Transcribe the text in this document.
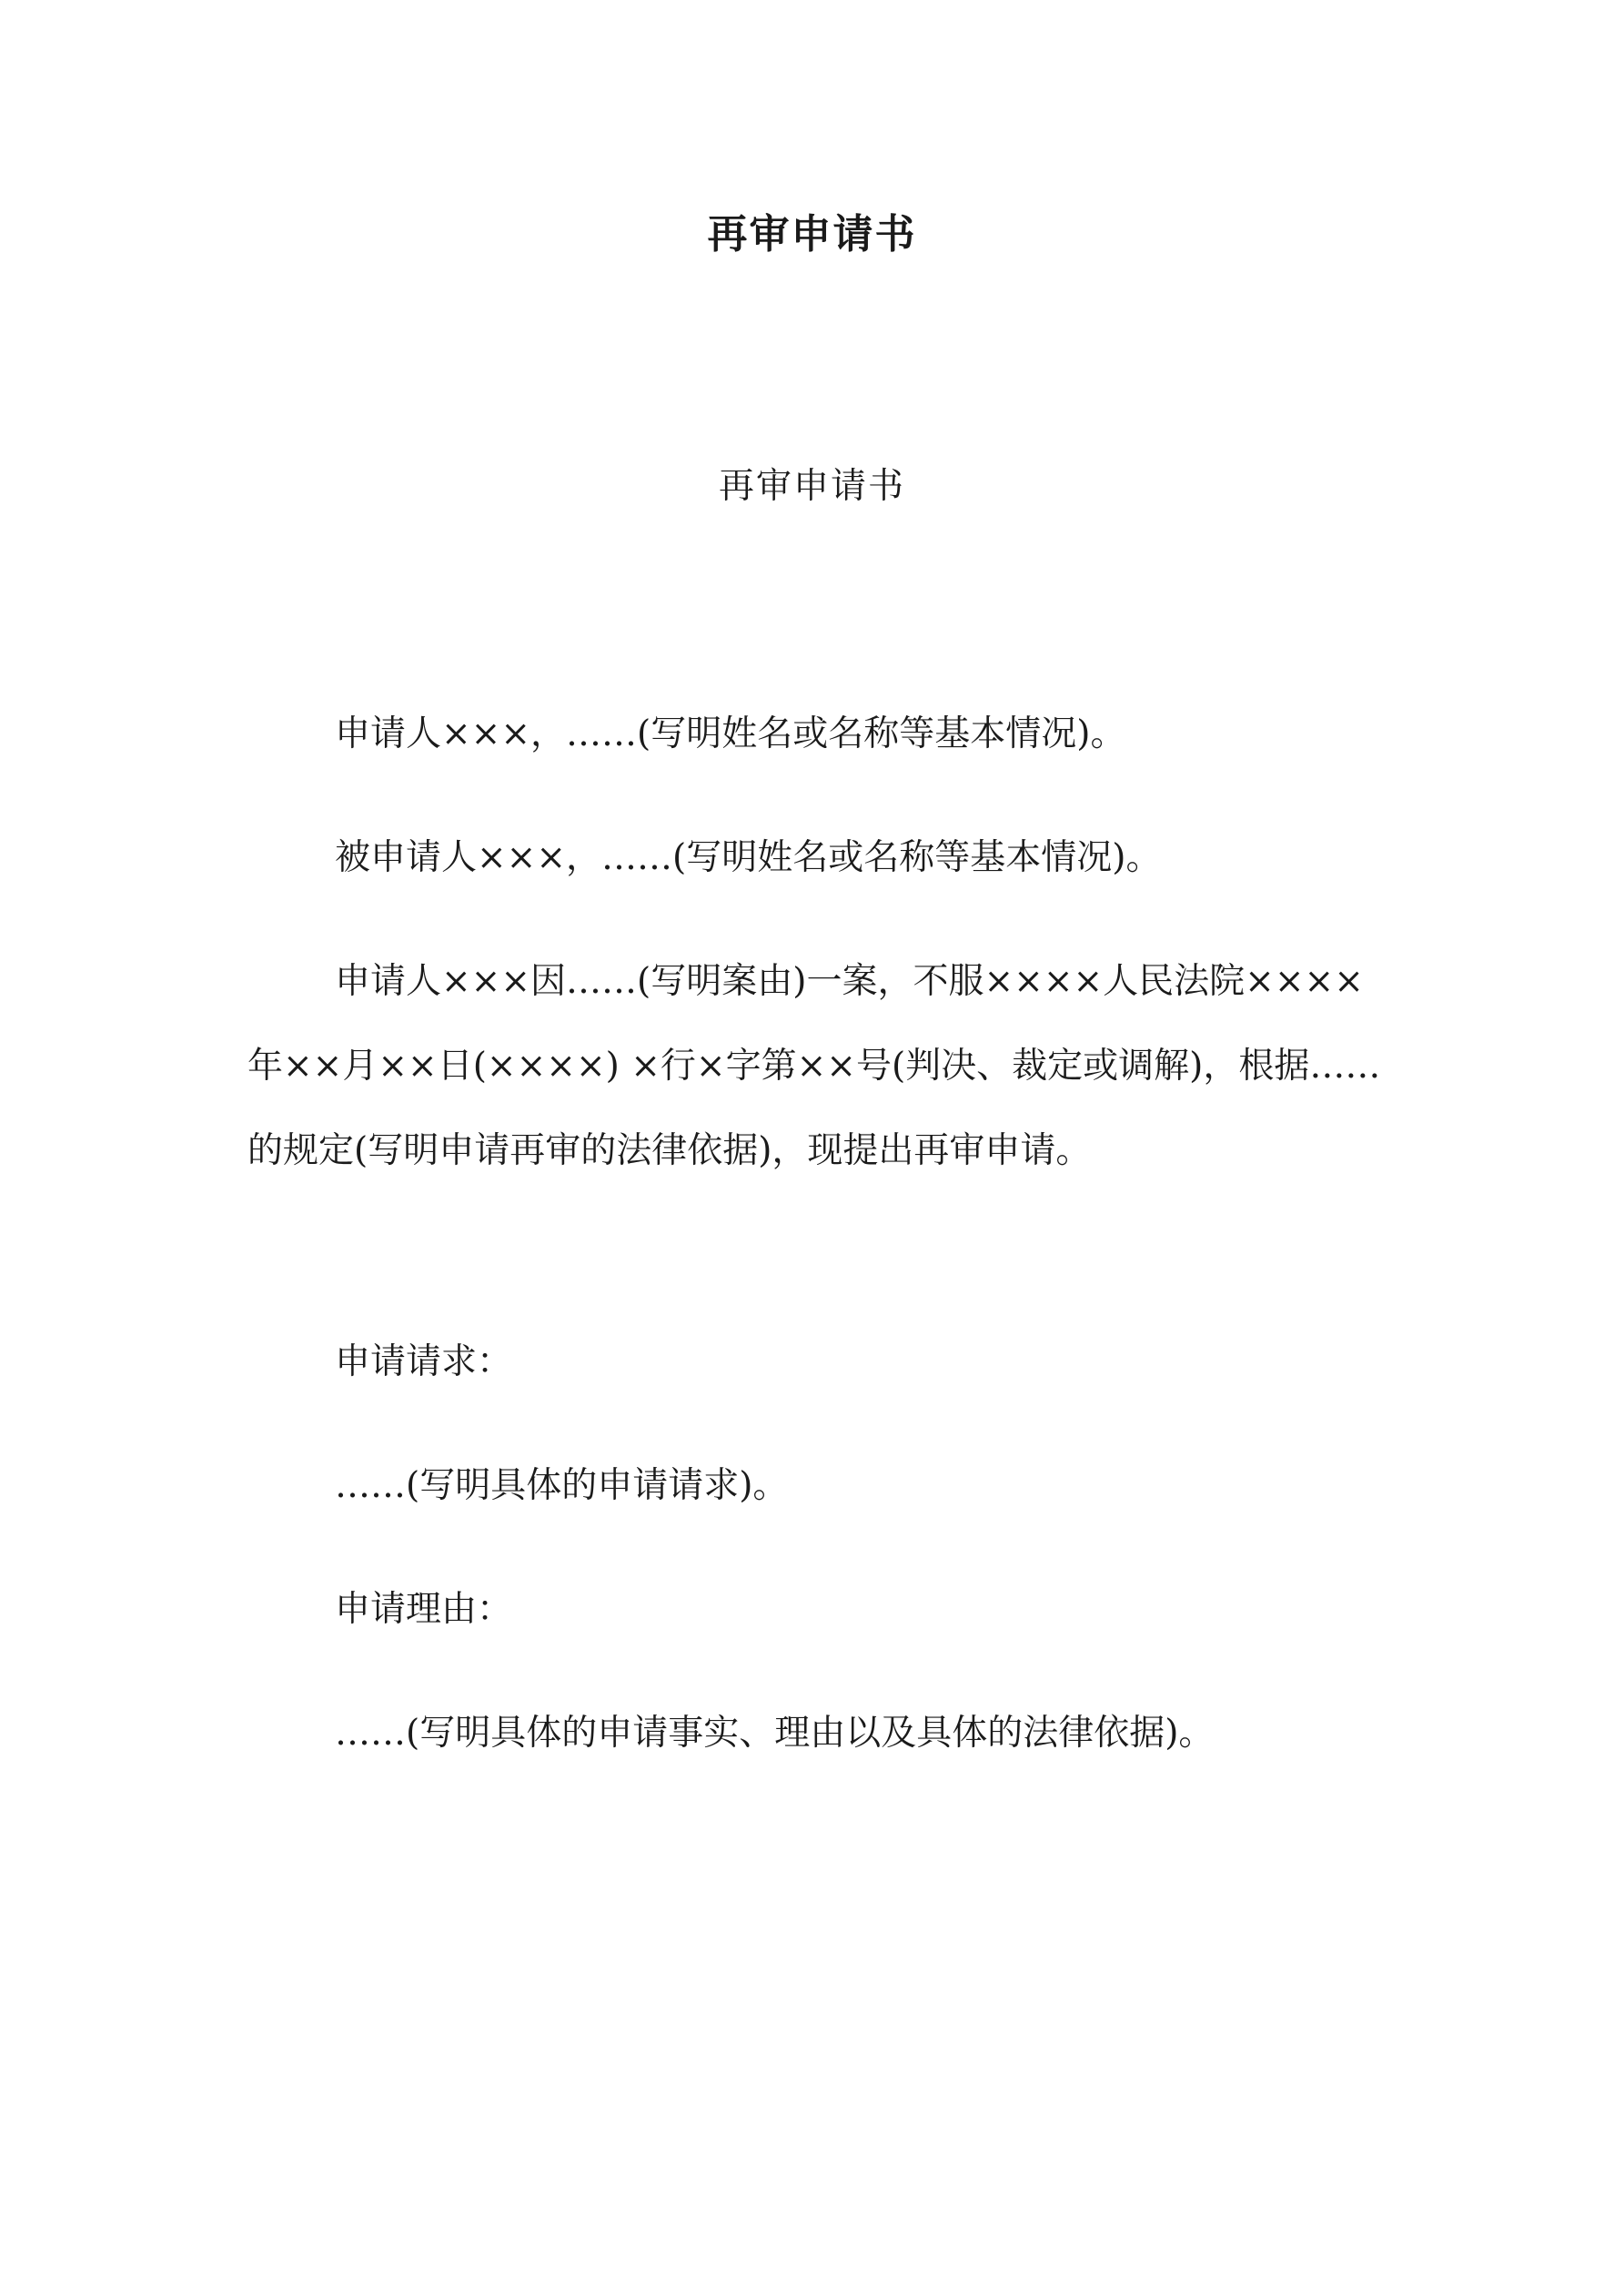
再审申请书
再审申请书

申请人×××，……(写明姓名或名称等基本情况)。

被申请人×××，……(写明姓名或名称等基本情况)。

申请人×××因……(写明案由)一案，不服××××人民法院××××年××月××日(××××) ×行×字第××号(判决、裁定或调解)，根据……的规定(写明申请再审的法律依据)，现提出再审申请。

申请请求：

……(写明具体的申请请求)。

申请理由：

……(写明具体的申请事实、理由以及具体的法律依据)。
